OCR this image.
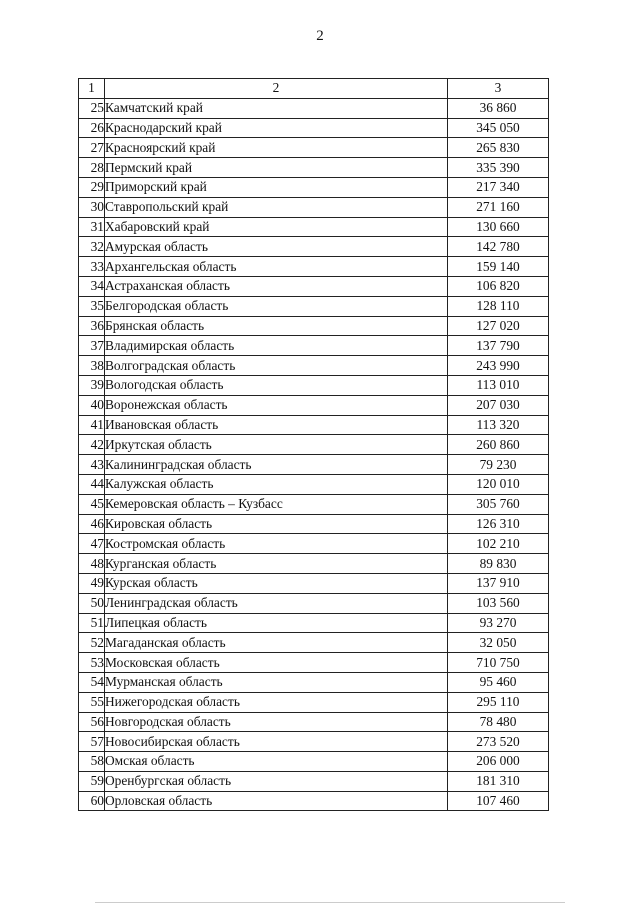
2
1	2	3
25	Камчатский край	36 860
26	Краснодарский край	345 050
27	Красноярский край	265 830
28	Пермский край	335 390
29	Приморский край	217 340
30	Ставропольский край	271 160
31	Хабаровский край	130 660
32	Амурская область	142 780
33	Архангельская область	159 140
34	Астраханская область	106 820
35	Белгородская область	128 110
36	Брянская область	127 020
37	Владимирская область	137 790
38	Волгоградская область	243 990
39	Вологодская область	113 010
40	Воронежская область	207 030
41	Ивановская область	113 320
42	Иркутская область	260 860
43	Калининградская область	79 230
44	Калужская область	120 010
45	Кемеровская область – Кузбасс	305 760
46	Кировская область	126 310
47	Костромская область	102 210
48	Курганская область	89 830
49	Курская область	137 910
50	Ленинградская область	103 560
51	Липецкая область	93 270
52	Магаданская область	32 050
53	Московская область	710 750
54	Мурманская область	95 460
55	Нижегородская область	295 110
56	Новгородская область	78 480
57	Новосибирская область	273 520
58	Омская область	206 000
59	Оренбургская область	181 310
60	Орловская область	107 460
